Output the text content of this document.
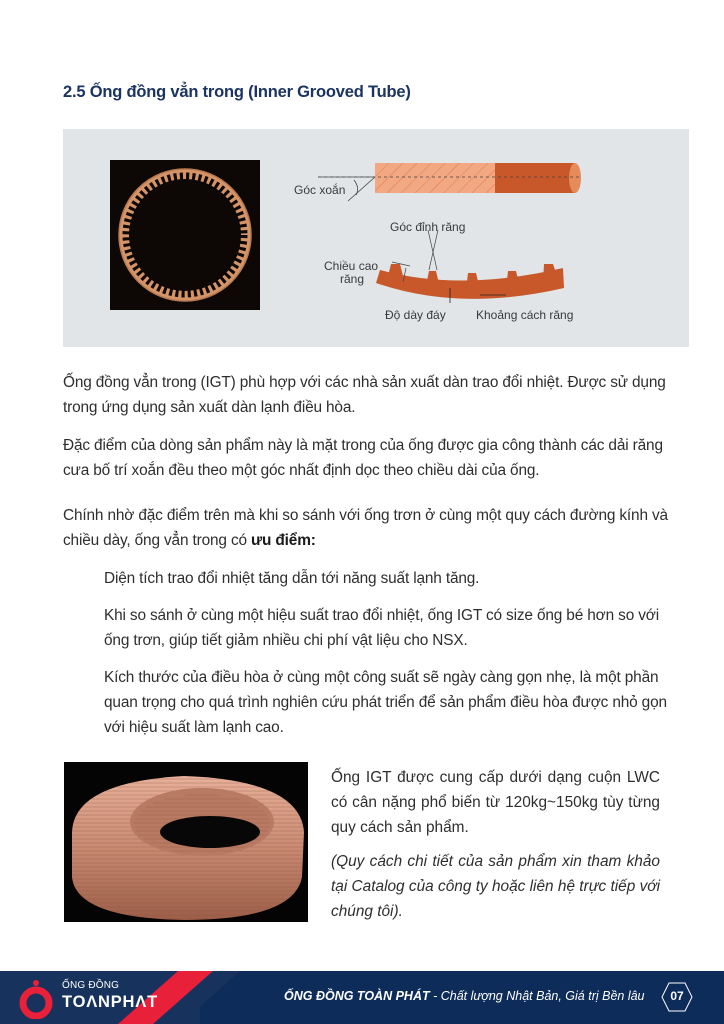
2.5 Ống đồng vẳn trong (Inner Grooved Tube)
Góc xoắn
Góc đỉnh răng
Chiều cao
răng
Độ dày đáy	Khoảng cách răng

Ống đồng vẳn trong (IGT) phù hợp với các nhà sản xuất dàn trao đổi nhiệt. Được sử dụng trong ứng dụng sản xuất dàn lạnh điều hòa.

Đặc điểm của dòng sản phẩm này là mặt trong của ống được gia công thành các dải răng cưa bố trí xoắn đều theo một góc nhất định dọc theo chiều dài của ống.

Chính nhờ đặc điểm trên mà khi so sánh với ống trơn ở cùng một quy cách đường kính và chiều dày, ống vẳn trong có ưu điểm:

Diện tích trao đổi nhiệt tăng dẫn tới năng suất lạnh tăng.

Khi so sánh ở cùng một hiệu suất trao đổi nhiệt, ống IGT có size ống bé hơn so với ống trơn, giúp tiết giảm nhiều chi phí vật liệu cho NSX.

Kích thước của điều hòa ở cùng một công suất sẽ ngày càng gọn nhẹ, là một phần quan trọng cho quá trình nghiên cứu phát triển để sản phẩm điều hòa được nhỏ gọn với hiệu suất làm lạnh cao.

Ống IGT được cung cấp dưới dạng cuộn LWC có cân nặng phổ biến từ 120kg~150kg tùy từng quy cách sản phẩm.

(Quy cách chi tiết của sản phẩm xin tham khảo tại Catalog của công ty hoặc liên hệ trực tiếp với chúng tôi).

ỐNG ĐỒNG
TOΛNPHΛT	ỐNG ĐỒNG TOÀN PHÁT - Chất lượng Nhật Bản, Giá trị Bền lâu	07
